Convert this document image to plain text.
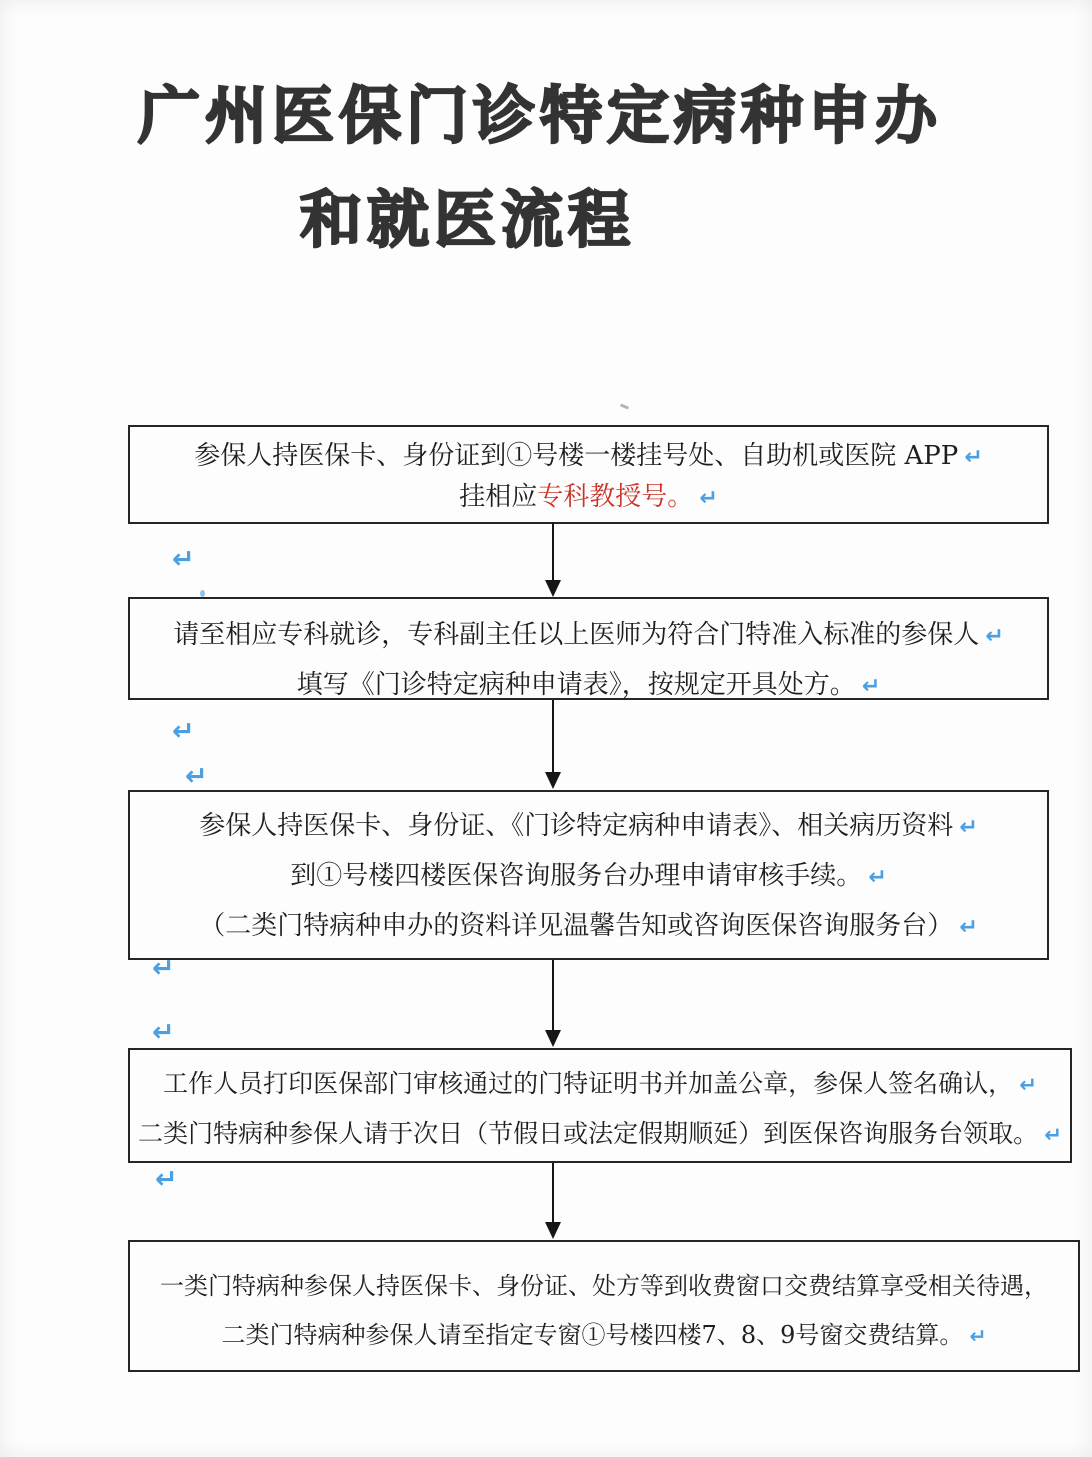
广州医保门诊特定病种申办
和就医流程
参保人持医保卡、身份证到①号楼一楼挂号处、自助机或医院 APP ↵
挂相应专科教授号。 ↵
请至相应专科就诊，专科副主任以上医师为符合门特准入标准的参保人 ↵
填写《门诊特定病种申请表》，按规定开具处方。 ↵
参保人持医保卡、身份证、《门诊特定病种申请表》、相关病历资料 ↵
到①号楼四楼医保咨询服务台办理申请审核手续。 ↵
（二类门特病种申办的资料详见温馨告知或咨询医保咨询服务台） ↵
工作人员打印医保部门审核通过的门特证明书并加盖公章，参保人签名确认， ↵
二类门特病种参保人请于次日（节假日或法定假期顺延）到医保咨询服务台领取。 ↵
一类门特病种参保人持医保卡、身份证、处方等到收费窗口交费结算享受相关待遇，
二类门特病种参保人请至指定专窗①号楼四楼7、8、9号窗交费结算。 ↵
↵
↵
↵
↵
↵
↵
